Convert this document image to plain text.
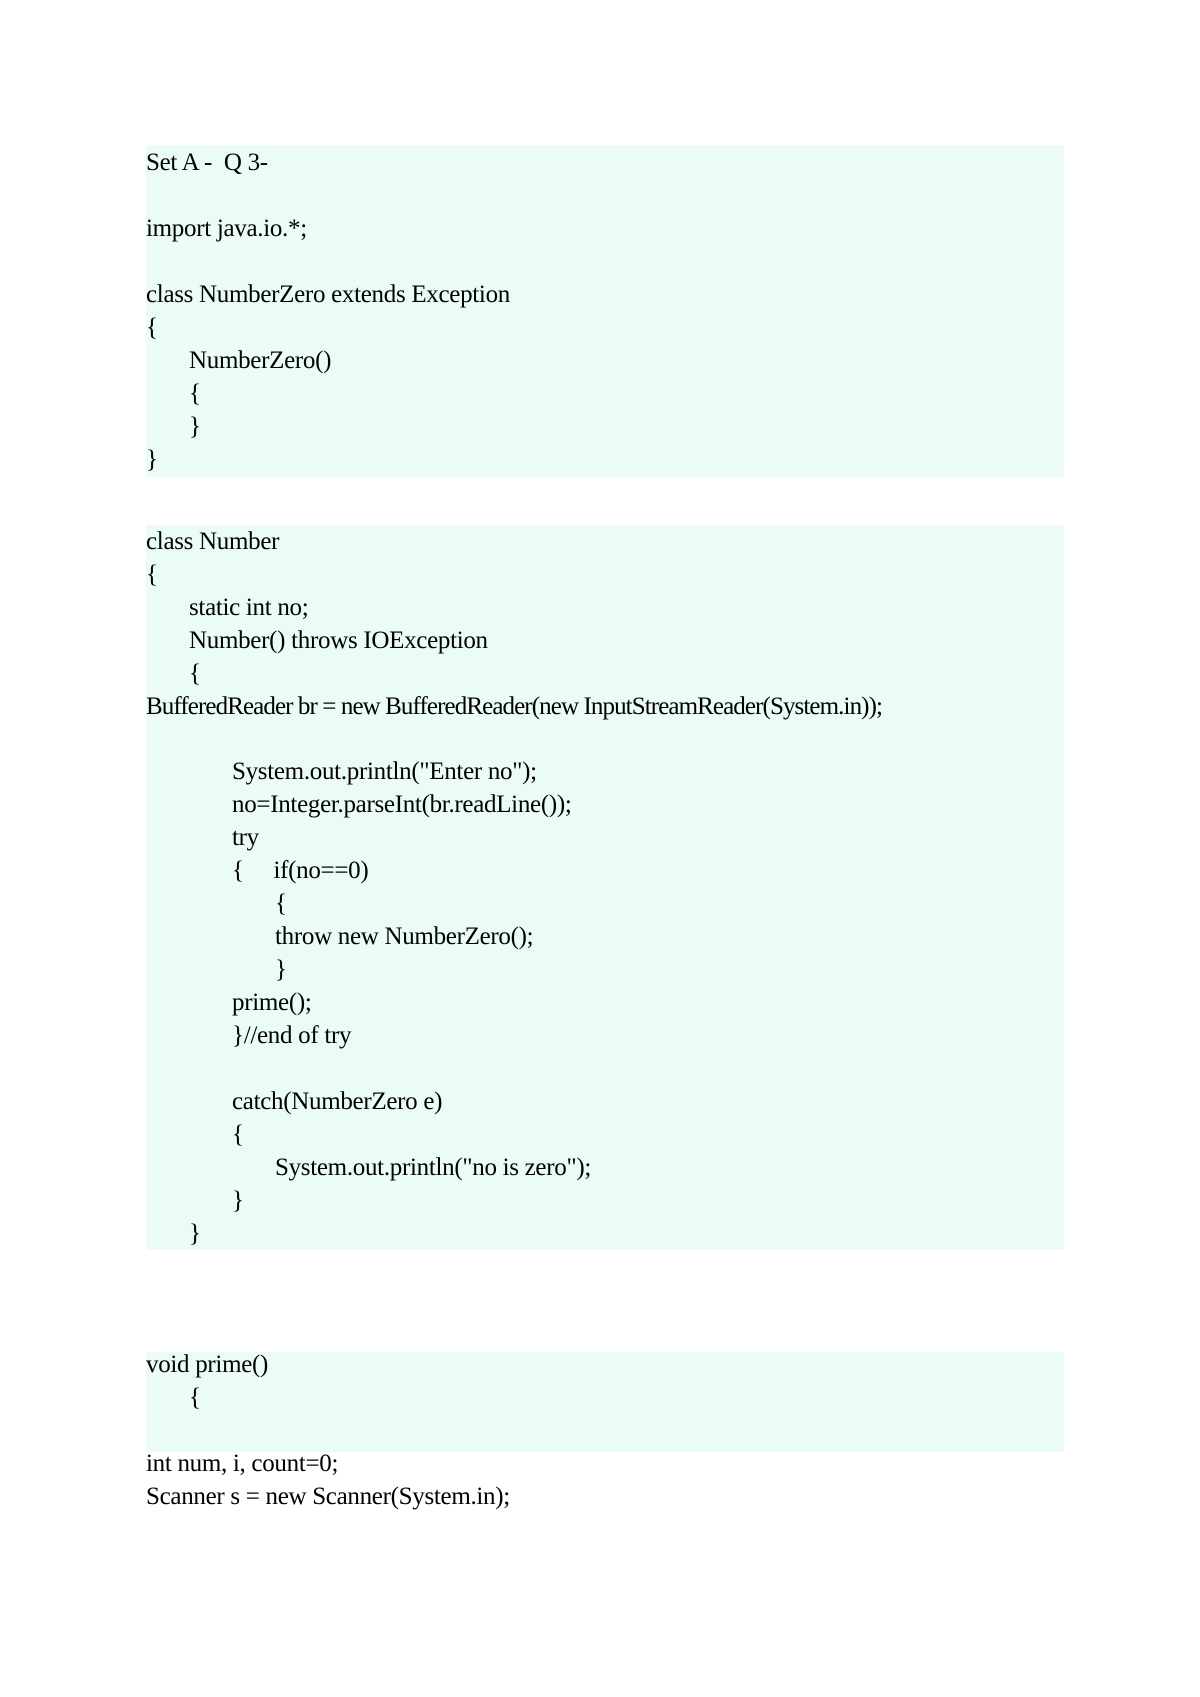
Set A -  Q 3-
import java.io.*;
class NumberZero extends Exception
{
NumberZero()
{
}
}
class Number
{
static int no;
Number() throws IOException
{
BufferedReader br = new BufferedReader(new InputStreamReader(System.in));
System.out.println("Enter no");
no=Integer.parseInt(br.readLine());
try
{     if(no==0)
{
throw new NumberZero();
}
prime();
}//end of try
catch(NumberZero e)
{
System.out.println("no is zero");
}
}
void prime()
{
int num, i, count=0;
Scanner s = new Scanner(System.in);
